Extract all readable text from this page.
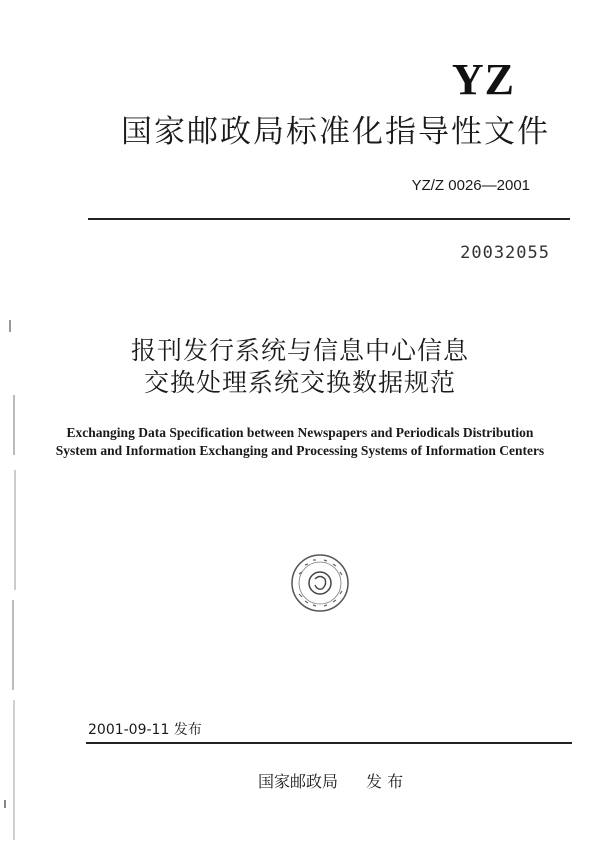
YZ
国家邮政局标准化指导性文件
YZ/Z 0026—2001
20032055
报刊发行系统与信息中心信息
交换处理系统交换数据规范
Exchanging Data Specification between Newspapers and Periodicals Distribution
System and Information Exchanging and Processing Systems of Information Centers
2001-09-11 发布
国家邮政局 发 布
